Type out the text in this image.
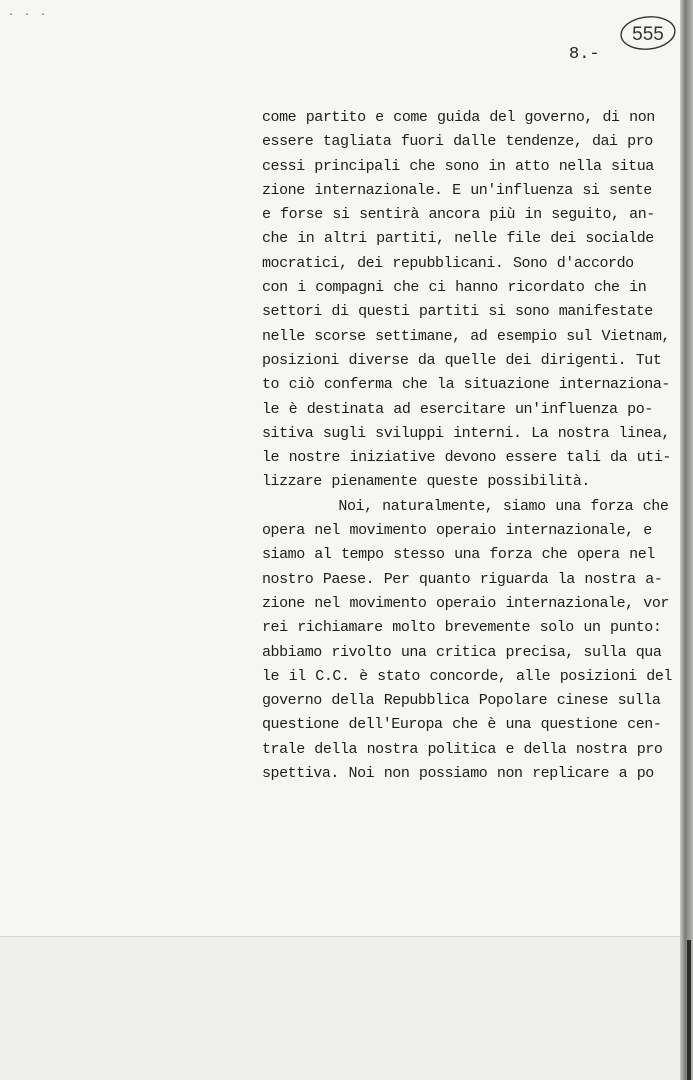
· · ·
555
8.-
come partito e come guida del governo, di non
essere tagliata fuori dalle tendenze, dai pro
cessi principali che sono in atto nella situa
zione internazionale. E un'influenza si sente
e forse si sentirà ancora più in seguito, an-
che in altri partiti, nelle file dei socialde
mocratici, dei repubblicani. Sono d'accordo
con i compagni che ci hanno ricordato che in
settori di questi partiti si sono manifestate
nelle scorse settimane, ad esempio sul Vietnam,
posizioni diverse da quelle dei dirigenti. Tut
to ciò conferma che la situazione internaziona-
le è destinata ad esercitare un'influenza po-
sitiva sugli sviluppi interni. La nostra linea,
le nostre iniziative devono essere tali da uti-
lizzare pienamente queste possibilità.
Noi, naturalmente, siamo una forza che
opera nel movimento operaio internazionale, e
siamo al tempo stesso una forza che opera nel
nostro Paese. Per quanto riguarda la nostra a-
zione nel movimento operaio internazionale, vor
rei richiamare molto brevemente solo un punto:
abbiamo rivolto una critica precisa, sulla qua
le il C.C. è stato concorde, alle posizioni del
governo della Repubblica Popolare cinese sulla
questione dell'Europa che è una questione cen-
trale della nostra politica e della nostra pro
spettiva. Noi non possiamo non replicare a po
